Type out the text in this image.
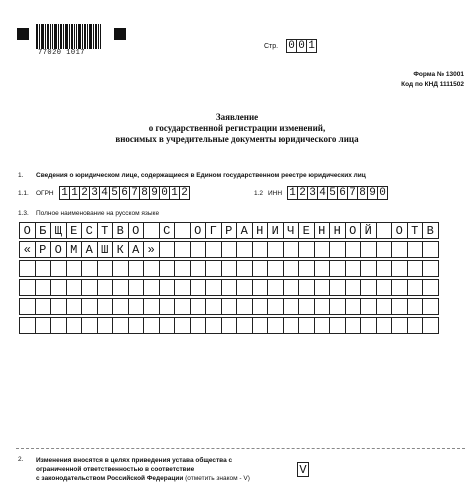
77020 1017
Стр. 0 0 1
Форма № 13001
Код по КНД 1111502
Заявление
о государственной регистрации изменений,
вносимых в учредительные документы юридического лица
1. Сведения о юридическом лице, содержащиеся в Едином государственном реестре юридических лиц
1.1. ОГРН 1 1 2 3 4 5 6 7 8 9 0 1 2	1.2 ИНН 1 2 3 4 5 6 7 8 9 0
1.3. Полное наименование на русском языке
О Б Щ Е С Т В О	С	О Г Р А Н И Ч Е Н Н О Й	О Т В
« Р О М А Ш К А »
2. Изменения вносятся в целях приведения устава общества с
ограниченной ответственностью в соответствие
с законодательством Российской Федерации (отметить знаком - V)
V
